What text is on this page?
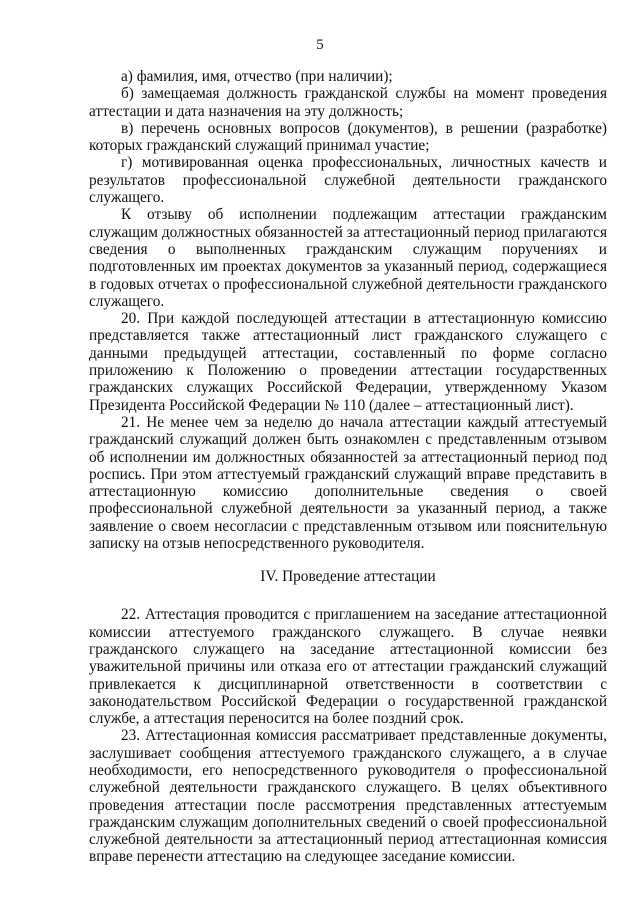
5

а) фамилия, имя, отчество (при наличии);

б) замещаемая должность гражданской службы на момент проведения аттестации и дата назначения на эту должность;

в) перечень основных вопросов (документов), в решении (разработке) которых гражданский служащий принимал участие;

г) мотивированная оценка профессиональных, личностных качеств и результатов профессиональной служебной деятельности гражданского служащего.

К отзыву об исполнении подлежащим аттестации гражданским служащим должностных обязанностей за аттестационный период прилагаются сведения о выполненных гражданским служащим поручениях и подготовленных им проектах документов за указанный период, содержащиеся в годовых отчетах о профессиональной служебной деятельности гражданского служащего.

20. При каждой последующей аттестации в аттестационную комиссию представляется также аттестационный лист гражданского служащего с данными предыдущей аттестации, составленный по форме согласно приложению к Положению о проведении аттестации государственных гражданских служащих Российской Федерации, утвержденному Указом Президента Российской Федерации № 110 (далее – аттестационный лист).

21. Не менее чем за неделю до начала аттестации каждый аттестуемый гражданский служащий должен быть ознакомлен с представленным отзывом об исполнении им должностных обязанностей за аттестационный период под роспись. При этом аттестуемый гражданский служащий вправе представить в аттестационную комиссию дополнительные сведения о своей профессиональной служебной деятельности за указанный период, а также заявление о своем несогласии с представленным отзывом или пояснительную записку на отзыв непосредственного руководителя.

IV. Проведение аттестации

22. Аттестация проводится с приглашением на заседание аттестационной комиссии аттестуемого гражданского служащего. В случае неявки гражданского служащего на заседание аттестационной комиссии без уважительной причины или отказа его от аттестации гражданский служащий привлекается к дисциплинарной ответственности в соответствии с законодательством Российской Федерации о государственной гражданской службе, а аттестация переносится на более поздний срок.

23. Аттестационная комиссия рассматривает представленные документы, заслушивает сообщения аттестуемого гражданского служащего, а в случае необходимости, его непосредственного руководителя о профессиональной служебной деятельности гражданского служащего. В целях объективного проведения аттестации после рассмотрения представленных аттестуемым гражданским служащим дополнительных сведений о своей профессиональной служебной деятельности за аттестационный период аттестационная комиссия вправе перенести аттестацию на следующее заседание комиссии.
